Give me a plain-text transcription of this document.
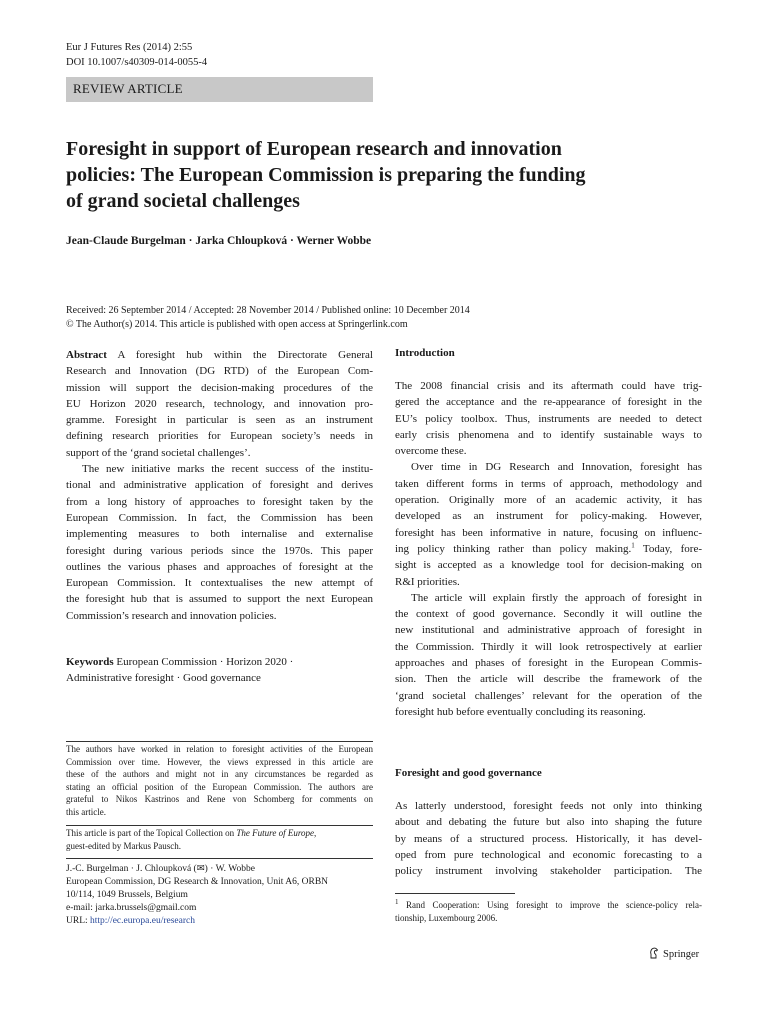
Eur J Futures Res (2014) 2:55
DOI 10.1007/s40309-014-0055-4
REVIEW ARTICLE
Foresight in support of European research and innovation
policies: The European Commission is preparing the funding
of grand societal challenges
Jean-Claude Burgelman · Jarka Chloupková · Werner Wobbe
Received: 26 September 2014 / Accepted: 28 November 2014 / Published online: 10 December 2014
© The Author(s) 2014. This article is published with open access at Springerlink.com
Abstract A foresight hub within the Directorate General
Research and Innovation (DG RTD) of the European Com-
mission will support the decision-making procedures of the
EU Horizon 2020 research, technology, and innovation pro-
gramme. Foresight in particular is seen as an instrument
defining research priorities for European society’s needs in
support of the ‘grand societal challenges’.
The new initiative marks the recent success of the institu-
tional and administrative application of foresight and derives
from a long history of approaches to foresight taken by the
European Commission. In fact, the Commission has been
implementing measures to both internalise and externalise
foresight during various periods since the 1970s. This paper
outlines the various phases and approaches of foresight at the
European Commission. It contextualises the new attempt of
the foresight hub that is assumed to support the next European
Commission’s research and innovation policies.
Keywords European Commission · Horizon 2020 ·
Administrative foresight · Good governance
The authors have worked in relation to foresight activities of the European
Commission over time. However, the views expressed in this article are
these of the authors and might not in any circumstances be regarded as
stating an official position of the European Commission. The authors are
grateful to Nikos Kastrinos and Rene von Schomberg for comments on
this article.
This article is part of the Topical Collection on The Future of Europe,
guest-edited by Markus Pausch.
J.-C. Burgelman · J. Chloupková (✉) · W. Wobbe
European Commission, DG Research & Innovation, Unit A6, ORBN
10/114, 1049 Brussels, Belgium
e-mail: jarka.brussels@gmail.com
URL: http://ec.europa.eu/research
Introduction
The 2008 financial crisis and its aftermath could have trig-
gered the acceptance and the re-appearance of foresight in the
EU’s policy toolbox. Thus, instruments are needed to detect
early crisis phenomena and to identify sustainable ways to
overcome these.
Over time in DG Research and Innovation, foresight has
taken different forms in terms of approach, methodology and
operation. Originally more of an academic activity, it has
developed as an instrument for policy-making. However,
foresight has been informative in nature, focusing on influenc-
ing policy thinking rather than policy making.$^1$ Today, fore-
sight is accepted as a knowledge tool for decision-making on
R&I priorities.
The article will explain firstly the approach of foresight in
the context of good governance. Secondly it will outline the
new institutional and administrative approach of foresight in
the Commission. Thirdly it will look retrospectively at earlier
approaches and phases of foresight in the European Commis-
sion. Then the article will describe the framework of the
‘grand societal challenges’ relevant for the operation of the
foresight hub before eventually concluding its reasoning.
Foresight and good governance
As latterly understood, foresight feeds not only into thinking
about and debating the future but also into shaping the future
by means of a structured process. Historically, it has devel-
oped from pure technological and economic forecasting to a
policy instrument involving stakeholder participation. The
$^1$ Rand Cooperation: Using foresight to improve the science-policy rela-
tionship, Luxembourg 2006.
Springer
